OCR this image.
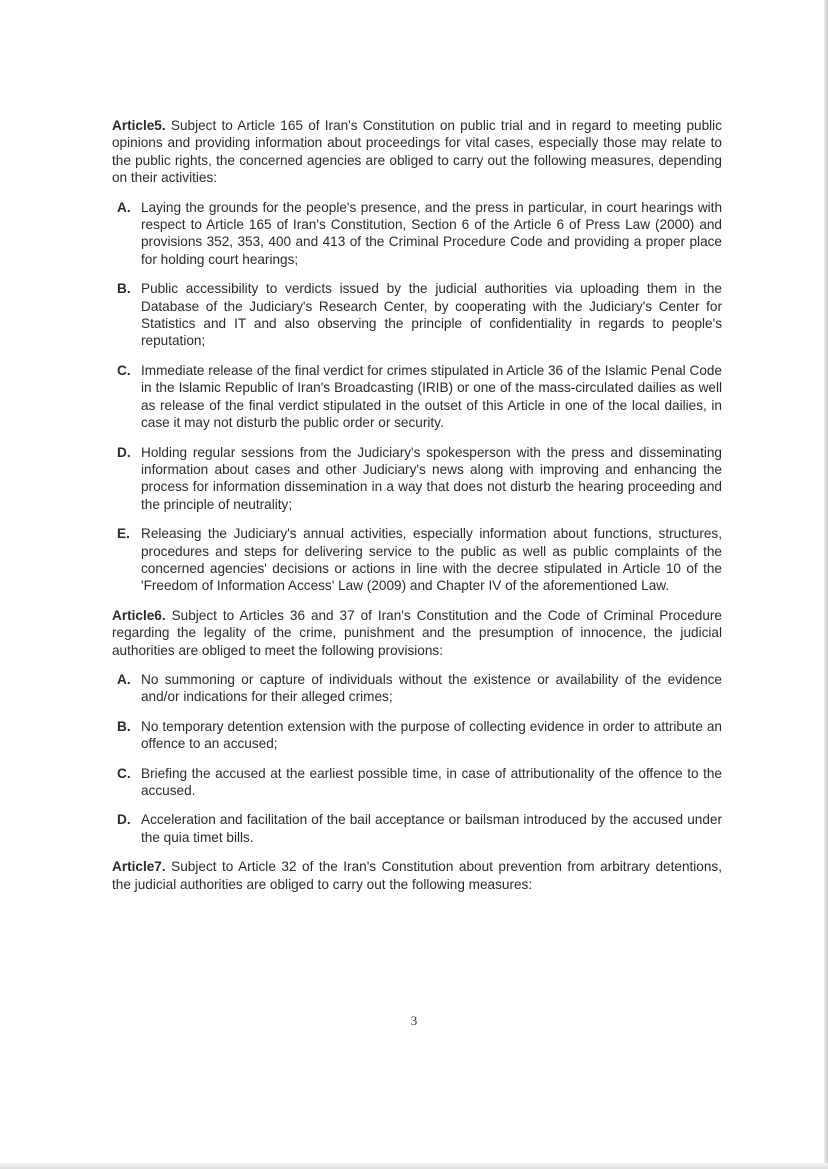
Article5. Subject to Article 165 of Iran's Constitution on public trial and in regard to meeting public opinions and providing information about proceedings for vital cases, especially those may relate to the public rights, the concerned agencies are obliged to carry out the following measures, depending on their activities:

A. Laying the grounds for the people's presence, and the press in particular, in court hearings with respect to Article 165 of Iran's Constitution, Section 6 of the Article 6 of Press Law (2000) and provisions 352, 353, 400 and 413 of the Criminal Procedure Code and providing a proper place for holding court hearings;
B. Public accessibility to verdicts issued by the judicial authorities via uploading them in the Database of the Judiciary's Research Center, by cooperating with the Judiciary's Center for Statistics and IT and also observing the principle of confidentiality in regards to people's reputation;
C. Immediate release of the final verdict for crimes stipulated in Article 36 of the Islamic Penal Code in the Islamic Republic of Iran's Broadcasting (IRIB) or one of the mass-circulated dailies as well as release of the final verdict stipulated in the outset of this Article in one of the local dailies, in case it may not disturb the public order or security.
D. Holding regular sessions from the Judiciary's spokesperson with the press and disseminating information about cases and other Judiciary's news along with improving and enhancing the process for information dissemination in a way that does not disturb the hearing proceeding and the principle of neutrality;
E. Releasing the Judiciary's annual activities, especially information about functions, structures, procedures and steps for delivering service to the public as well as public complaints of the concerned agencies' decisions or actions in line with the decree stipulated in Article 10 of the 'Freedom of Information Access' Law (2009) and Chapter IV of the aforementioned Law.

Article6. Subject to Articles 36 and 37 of Iran's Constitution and the Code of Criminal Procedure regarding the legality of the crime, punishment and the presumption of innocence, the judicial authorities are obliged to meet the following provisions:

A. No summoning or capture of individuals without the existence or availability of the evidence and/or indications for their alleged crimes;
B. No temporary detention extension with the purpose of collecting evidence in order to attribute an offence to an accused;
C. Briefing the accused at the earliest possible time, in case of attributionality of the offence to the accused.
D. Acceleration and facilitation of the bail acceptance or bailsman introduced by the accused under the quia timet bills.

Article7. Subject to Article 32 of the Iran's Constitution about prevention from arbitrary detentions, the judicial authorities are obliged to carry out the following measures:

3
